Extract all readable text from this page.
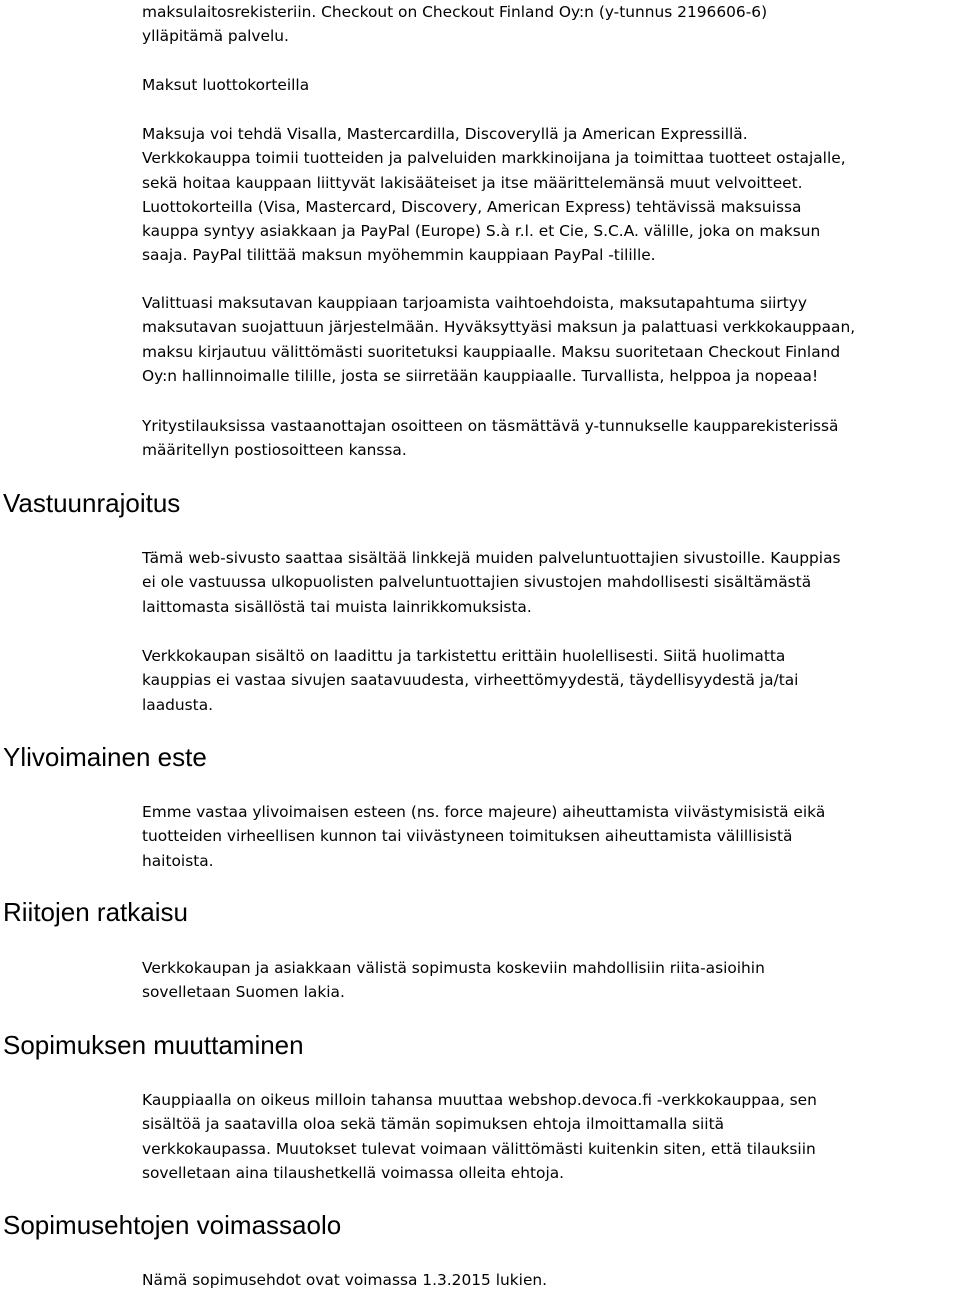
maksulaitosrekisteriin. Checkout on Checkout Finland Oy:n (y-tunnus 2196606-6)
ylläpitämä palvelu.

Maksut luottokorteilla

Maksuja voi tehdä Visalla, Mastercardilla, Discoveryllä ja American Expressillä.
Verkkokauppa toimii tuotteiden ja palveluiden markkinoijana ja toimittaa tuotteet ostajalle,
sekä hoitaa kauppaan liittyvät lakisääteiset ja itse määrittelemänsä muut velvoitteet.
Luottokorteilla (Visa, Mastercard, Discovery, American Express) tehtävissä maksuissa
kauppa syntyy asiakkaan ja PayPal (Europe) S.à r.l. et Cie, S.C.A. välille, joka on maksun
saaja. PayPal tilittää maksun myöhemmin kauppiaan PayPal -tilille.

Valittuasi maksutavan kauppiaan tarjoamista vaihtoehdoista, maksutapahtuma siirtyy
maksutavan suojattuun järjestelmään. Hyväksyttyäsi maksun ja palattuasi verkkokauppaan,
maksu kirjautuu välittömästi suoritetuksi kauppiaalle. Maksu suoritetaan Checkout Finland
Oy:n hallinnoimalle tilille, josta se siirretään kauppiaalle. Turvallista, helppoa ja nopeaa!

Yritystilauksissa vastaanottajan osoitteen on täsmättävä y-tunnukselle kaupparekisterissä
määritellyn postiosoitteen kanssa.

Vastuunrajoitus

Tämä web-sivusto saattaa sisältää linkkejä muiden palveluntuottajien sivustoille. Kauppias
ei ole vastuussa ulkopuolisten palveluntuottajien sivustojen mahdollisesti sisältämästä
laittomasta sisällöstä tai muista lainrikkomuksista.

Verkkokaupan sisältö on laadittu ja tarkistettu erittäin huolellisesti. Siitä huolimatta
kauppias ei vastaa sivujen saatavuudesta, virheettömyydestä, täydellisyydestä ja/tai
laadusta.

Ylivoimainen este

Emme vastaa ylivoimaisen esteen (ns. force majeure) aiheuttamista viivästymisistä eikä
tuotteiden virheellisen kunnon tai viivästyneen toimituksen aiheuttamista välillisistä
haitoista.

Riitojen ratkaisu

Verkkokaupan ja asiakkaan välistä sopimusta koskeviin mahdollisiin riita-asioihin
sovelletaan Suomen lakia.

Sopimuksen muuttaminen

Kauppiaalla on oikeus milloin tahansa muuttaa webshop.devoca.fi -verkkokauppaa, sen
sisältöä ja saatavilla oloa sekä tämän sopimuksen ehtoja ilmoittamalla siitä
verkkokaupassa. Muutokset tulevat voimaan välittömästi kuitenkin siten, että tilauksiin
sovelletaan aina tilaushetkellä voimassa olleita ehtoja.

Sopimusehtojen voimassaolo

Nämä sopimusehdot ovat voimassa 1.3.2015 lukien.
